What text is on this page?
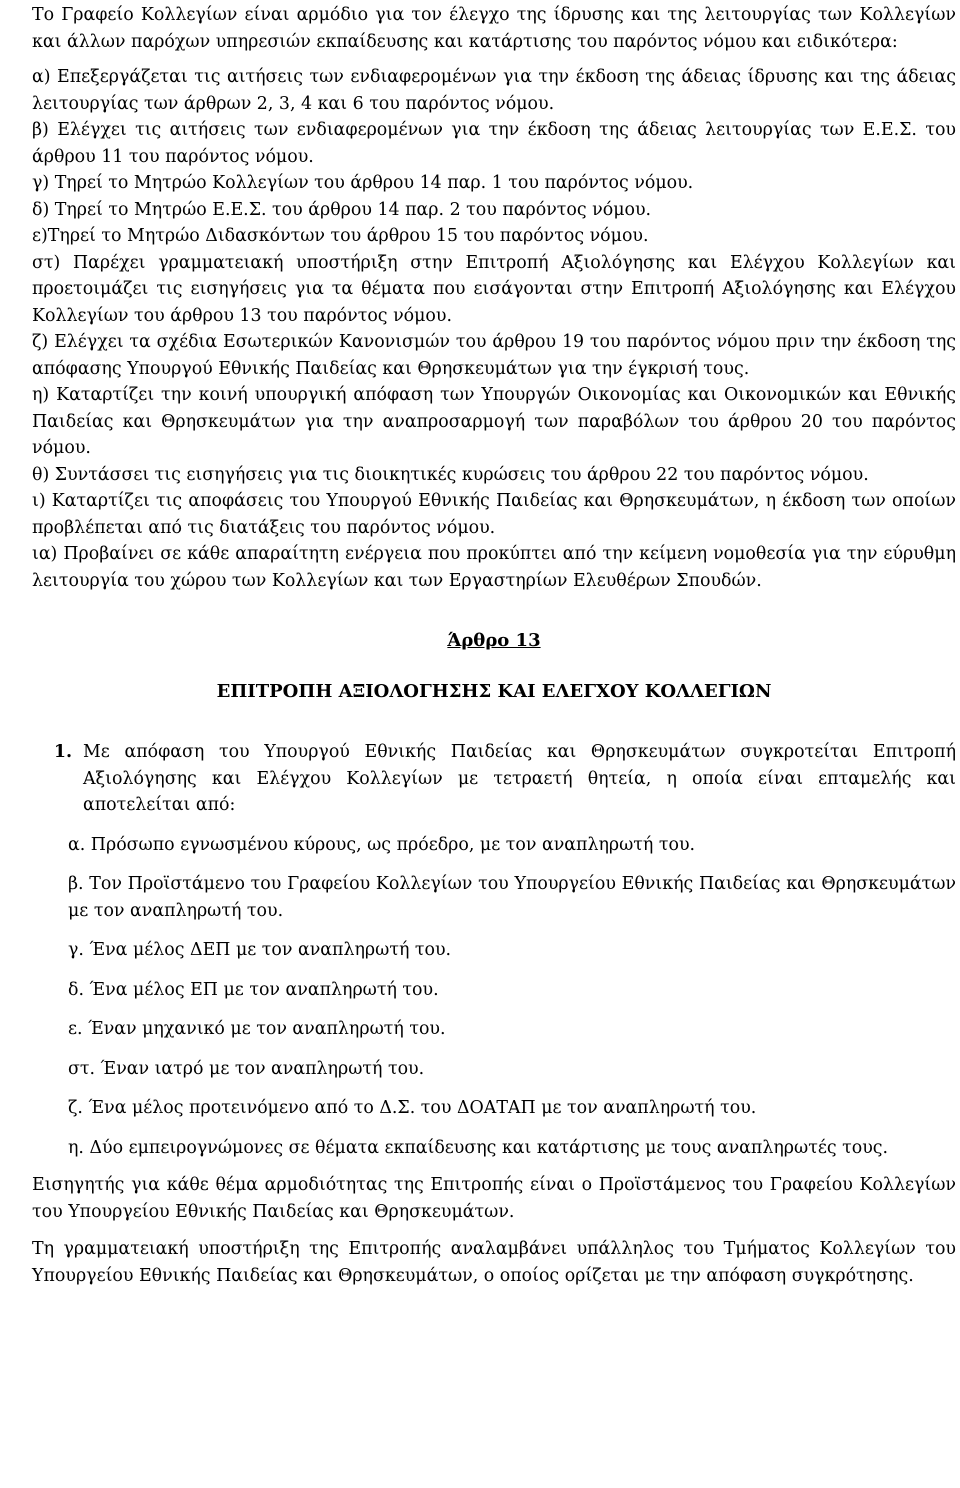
Το Γραφείο Κολλεγίων είναι αρμόδιο για τον έλεγχο της ίδρυσης και της λειτουργίας των Κολλεγίων και άλλων παρόχων υπηρεσιών εκπαίδευσης και κατάρτισης του παρόντος νόμου και ειδικότερα:

α) Επεξεργάζεται τις αιτήσεις των ενδιαφερομένων για την έκδοση της άδειας ίδρυσης και της άδειας λειτουργίας των άρθρων 2, 3, 4 και 6 του παρόντος νόμου.

β) Ελέγχει τις αιτήσεις των ενδιαφερομένων για την έκδοση της άδειας λειτουργίας των Ε.Ε.Σ. του άρθρου 11 του παρόντος νόμου.

γ) Τηρεί το Μητρώο Κολλεγίων του άρθρου 14 παρ. 1 του παρόντος νόμου.

δ) Τηρεί το Μητρώο Ε.Ε.Σ. του άρθρου 14 παρ. 2 του παρόντος νόμου.

ε)Τηρεί το Μητρώο Διδασκόντων του άρθρου 15 του παρόντος νόμου.

στ) Παρέχει γραμματειακή υποστήριξη στην Επιτροπή Αξιολόγησης και Ελέγχου Κολλεγίων και προετοιμάζει τις εισηγήσεις για τα θέματα που εισάγονται στην Επιτροπή Αξιολόγησης και Ελέγχου Κολλεγίων του άρθρου 13 του παρόντος νόμου.

ζ) Ελέγχει τα σχέδια Εσωτερικών Κανονισμών του άρθρου 19 του παρόντος νόμου πριν την έκδοση της απόφασης Υπουργού Εθνικής Παιδείας και Θρησκευμάτων για την έγκρισή τους.

η) Καταρτίζει την κοινή υπουργική απόφαση των Υπουργών Οικονομίας και Οικονομικών και Εθνικής Παιδείας και Θρησκευμάτων για την αναπροσαρμογή των παραβόλων του άρθρου 20 του παρόντος νόμου.

θ) Συντάσσει τις εισηγήσεις για τις διοικητικές κυρώσεις του άρθρου 22 του παρόντος νόμου.

ι) Καταρτίζει τις αποφάσεις του Υπουργού Εθνικής Παιδείας και Θρησκευμάτων, η έκδοση των οποίων προβλέπεται από τις διατάξεις του παρόντος νόμου.

ια) Προβαίνει σε κάθε απαραίτητη ενέργεια που προκύπτει από την κείμενη νομοθεσία για την εύρυθμη λειτουργία του χώρου των Κολλεγίων και των Εργαστηρίων Ελευθέρων Σπουδών.

Άρθρο 13

ΕΠΙΤΡΟΠΗ ΑΞΙΟΛΟΓΗΣΗΣ ΚΑΙ ΕΛΕΓΧΟΥ ΚΟΛΛΕΓΙΩΝ

1. Με απόφαση του Υπουργού Εθνικής Παιδείας και Θρησκευμάτων συγκροτείται Επιτροπή Αξιολόγησης και Ελέγχου Κολλεγίων με τετραετή θητεία, η οποία είναι επταμελής και αποτελείται από:

α. Πρόσωπο εγνωσμένου κύρους, ως πρόεδρο, με τον αναπληρωτή του.

β. Τον Προϊστάμενο του Γραφείου Κολλεγίων του Υπουργείου Εθνικής Παιδείας και Θρησκευμάτων με τον αναπληρωτή του.

γ. Ένα μέλος ΔΕΠ με τον αναπληρωτή του.

δ. Ένα μέλος ΕΠ με τον αναπληρωτή του.

ε. Έναν μηχανικό με τον αναπληρωτή του.

στ. Έναν ιατρό με τον αναπληρωτή του.

ζ. Ένα μέλος προτεινόμενο από το Δ.Σ. του ΔΟΑΤΑΠ με τον αναπληρωτή του.

η. Δύο εμπειρογνώμονες σε θέματα εκπαίδευσης και κατάρτισης με τους αναπληρωτές τους.

Εισηγητής για κάθε θέμα αρμοδιότητας της Επιτροπής είναι ο Προϊστάμενος του Γραφείου Κολλεγίων του Υπουργείου Εθνικής Παιδείας και Θρησκευμάτων.

Τη γραμματειακή υποστήριξη της Επιτροπής αναλαμβάνει υπάλληλος του Τμήματος Κολλεγίων του Υπουργείου Εθνικής Παιδείας και Θρησκευμάτων, ο οποίος ορίζεται με την απόφαση συγκρότησης.
